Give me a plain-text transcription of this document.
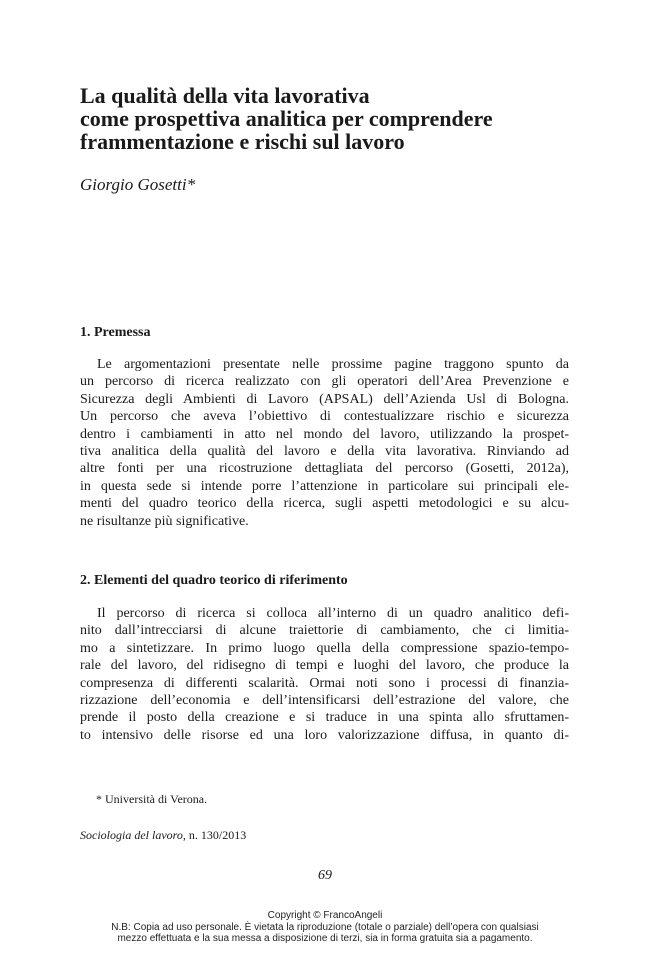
La qualità della vita lavorativa
come prospettiva analitica per comprendere
frammentazione e rischi sul lavoro
Giorgio Gosetti*
1. Premessa
Le argomentazioni presentate nelle prossime pagine traggono spunto da
un percorso di ricerca realizzato con gli operatori dell’Area Prevenzione e
Sicurezza degli Ambienti di Lavoro (APSAL) dell’Azienda Usl di Bologna.
Un percorso che aveva l’obiettivo di contestualizzare rischio e sicurezza
dentro i cambiamenti in atto nel mondo del lavoro, utilizzando la prospet-
tiva analitica della qualità del lavoro e della vita lavorativa. Rinviando ad
altre fonti per una ricostruzione dettagliata del percorso (Gosetti, 2012a),
in questa sede si intende porre l’attenzione in particolare sui principali ele-
menti del quadro teorico della ricerca, sugli aspetti metodologici e su alcu-
ne risultanze più significative.
2. Elementi del quadro teorico di riferimento
Il percorso di ricerca si colloca all’interno di un quadro analitico defi-
nito dall’intrecciarsi di alcune traiettorie di cambiamento, che ci limitia-
mo a sintetizzare. In primo luogo quella della compressione spazio-tempo-
rale del lavoro, del ridisegno di tempi e luoghi del lavoro, che produce la
compresenza di differenti scalarità. Ormai noti sono i processi di finanzia-
rizzazione dell’economia e dell’intensificarsi dell’estrazione del valore, che
prende il posto della creazione e si traduce in una spinta allo sfruttamen-
to intensivo delle risorse ed una loro valorizzazione diffusa, in quanto di-
* Università di Verona.
Sociologia del lavoro, n. 130/2013
69
Copyright © FrancoAngeli
N.B: Copia ad uso personale. È vietata la riproduzione (totale o parziale) dell’opera con qualsiasi
mezzo effettuata e la sua messa a disposizione di terzi, sia in forma gratuita sia a pagamento.
